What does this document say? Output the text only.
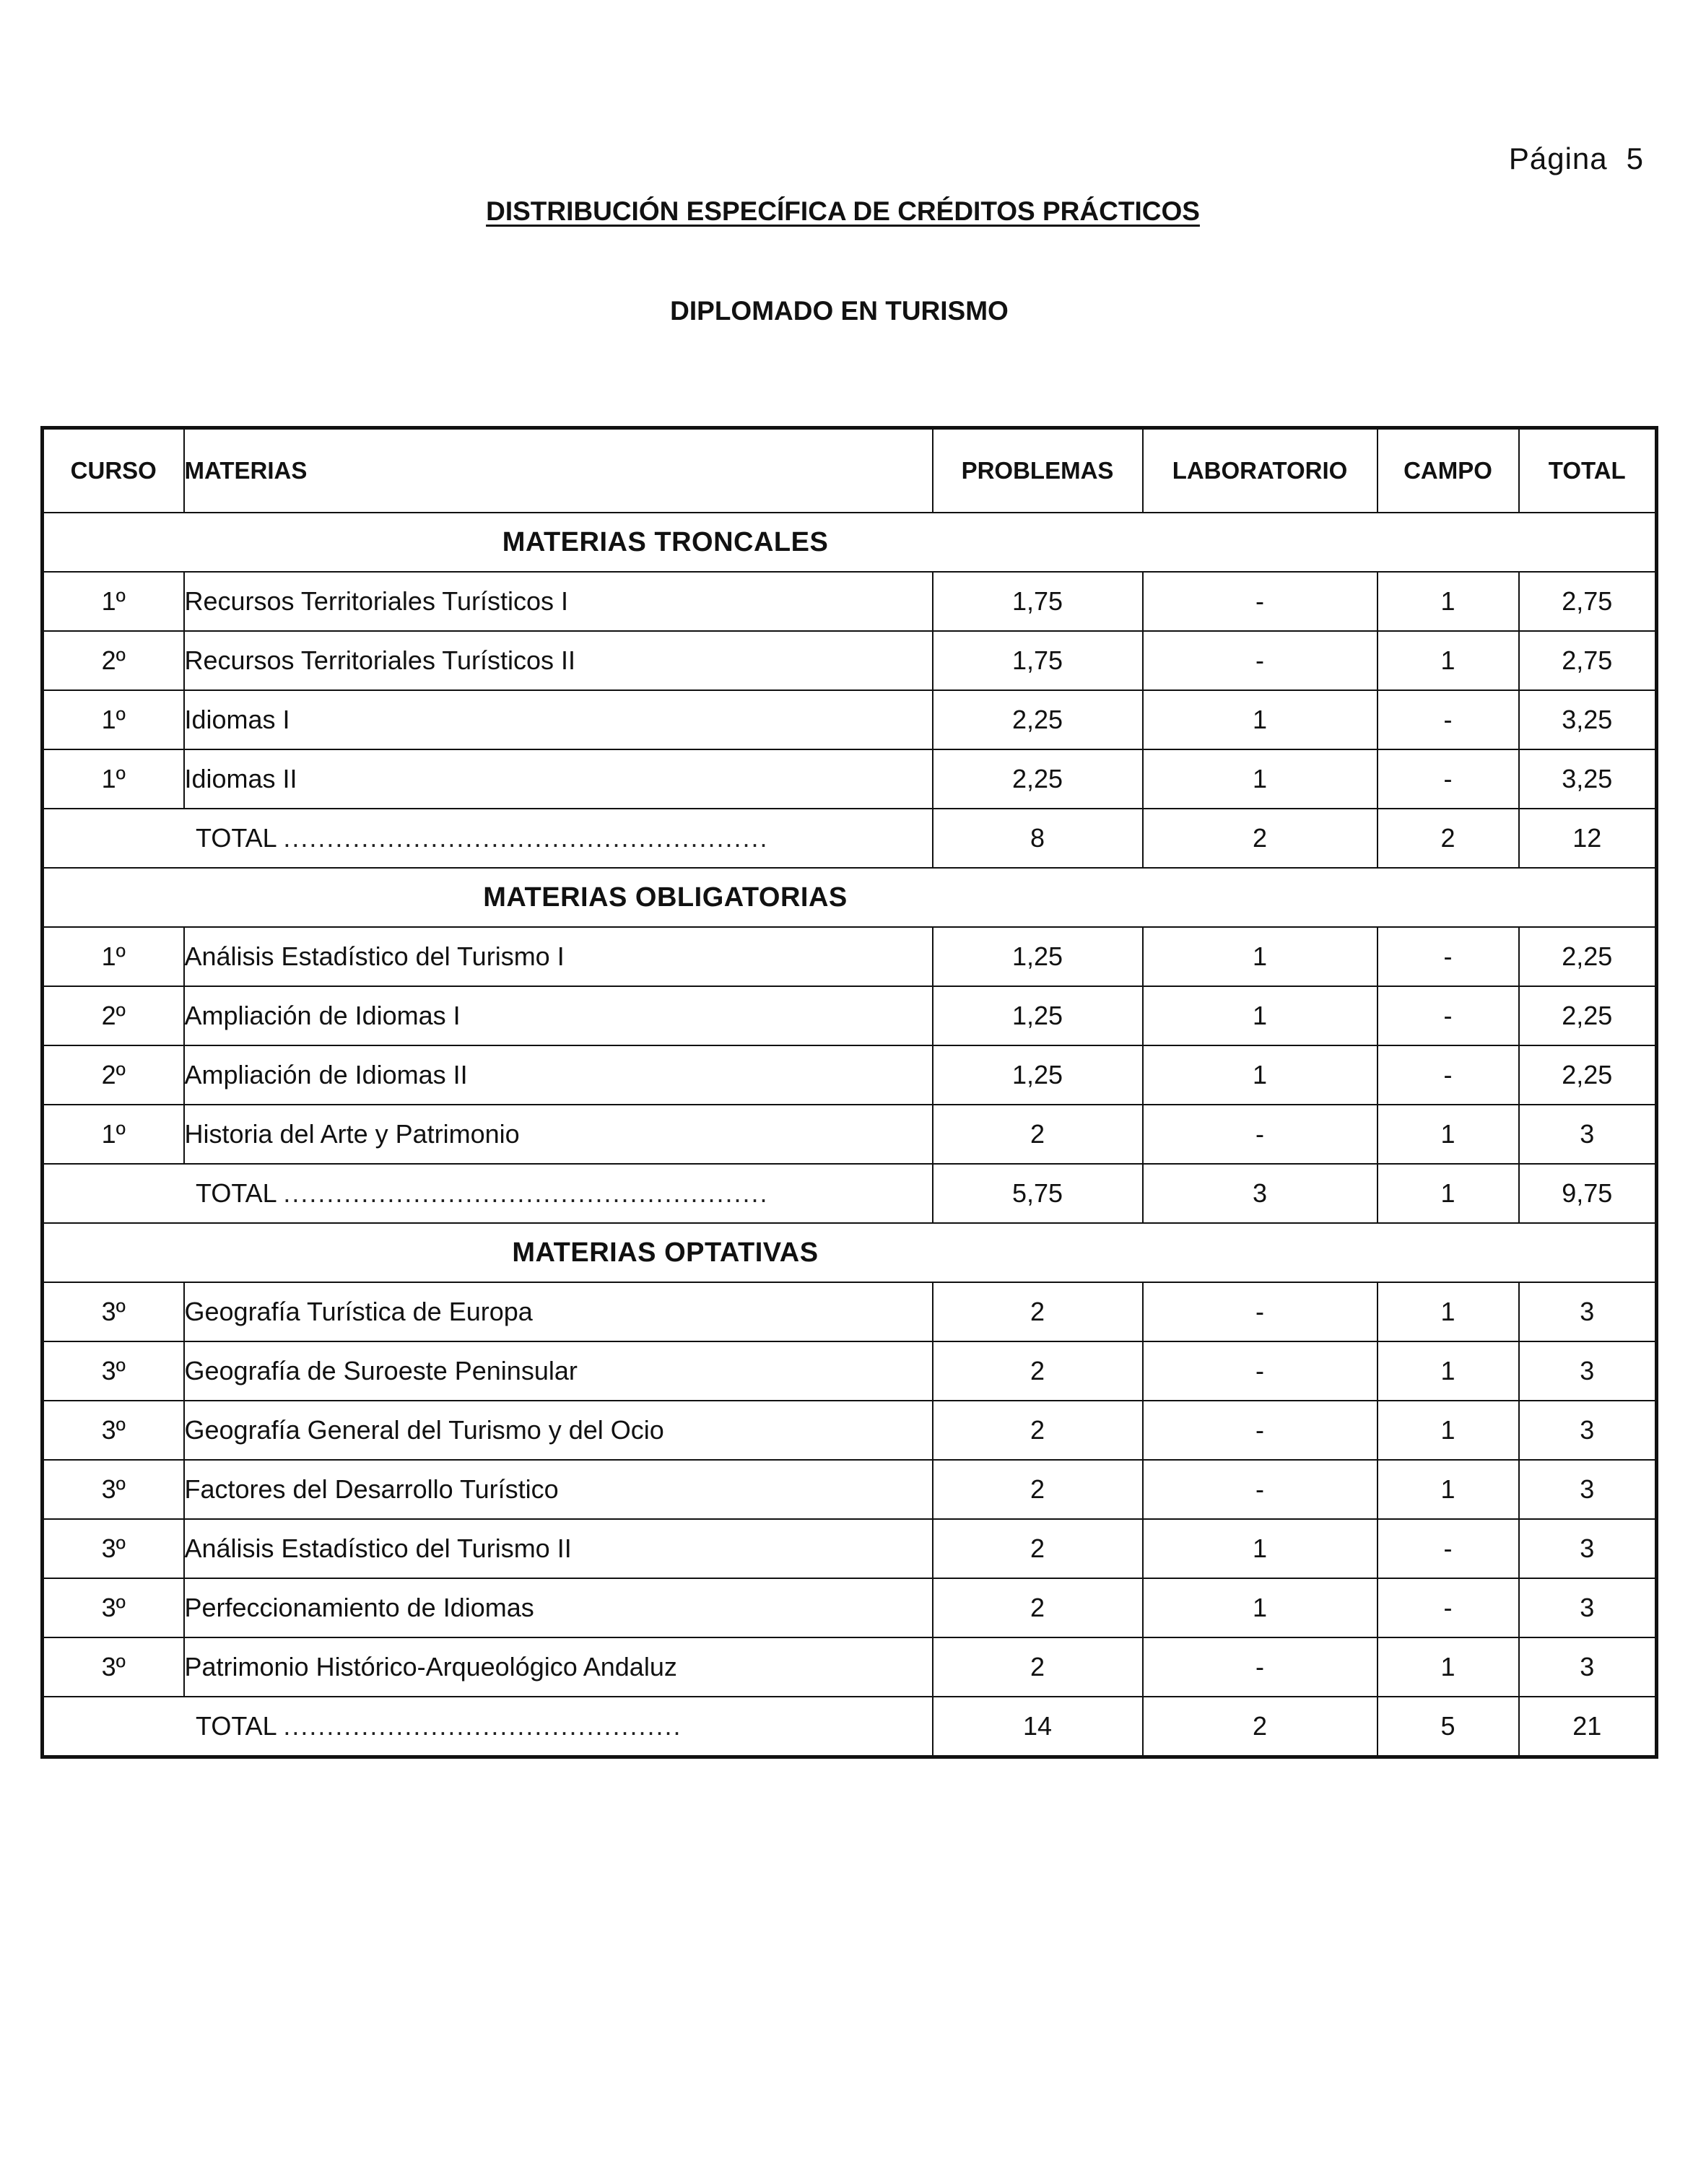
Página 5
DISTRIBUCIÓN ESPECÍFICA DE CRÉDITOS PRÁCTICOS
DIPLOMADO EN TURISMO
CURSO	MATERIAS	PROBLEMAS	LABORATORIO	CAMPO	TOTAL
MATERIAS TRONCALES					
1º	Recursos Territoriales Turísticos I	1,75	-	1	2,75
2º	Recursos Territoriales Turísticos II	1,75	-	1	2,75
1º	Idiomas I	2,25	1	-	3,25
1º	Idiomas II	2,25	1	-	3,25
TOTAL ........................................................		8	2	2	12
MATERIAS OBLIGATORIAS					
1º	Análisis Estadístico del Turismo I	1,25	1	-	2,25
2º	Ampliación de Idiomas I	1,25	1	-	2,25
2º	Ampliación de Idiomas II	1,25	1	-	2,25
1º	Historia del Arte y Patrimonio	2	-	1	3
TOTAL ........................................................		5,75	3	1	9,75
MATERIAS OPTATIVAS					
3º	Geografía Turística de Europa	2	-	1	3
3º	Geografía de Suroeste Peninsular	2	-	1	3
3º	Geografía General del Turismo y del Ocio	2	-	1	3
3º	Factores del Desarrollo Turístico	2	-	1	3
3º	Análisis Estadístico del Turismo II	2	1	-	3
3º	Perfeccionamiento de Idiomas	2	1	-	3
3º	Patrimonio Histórico-Arqueológico Andaluz	2	-	1	3
TOTAL ..............................................		14	2	5	21
